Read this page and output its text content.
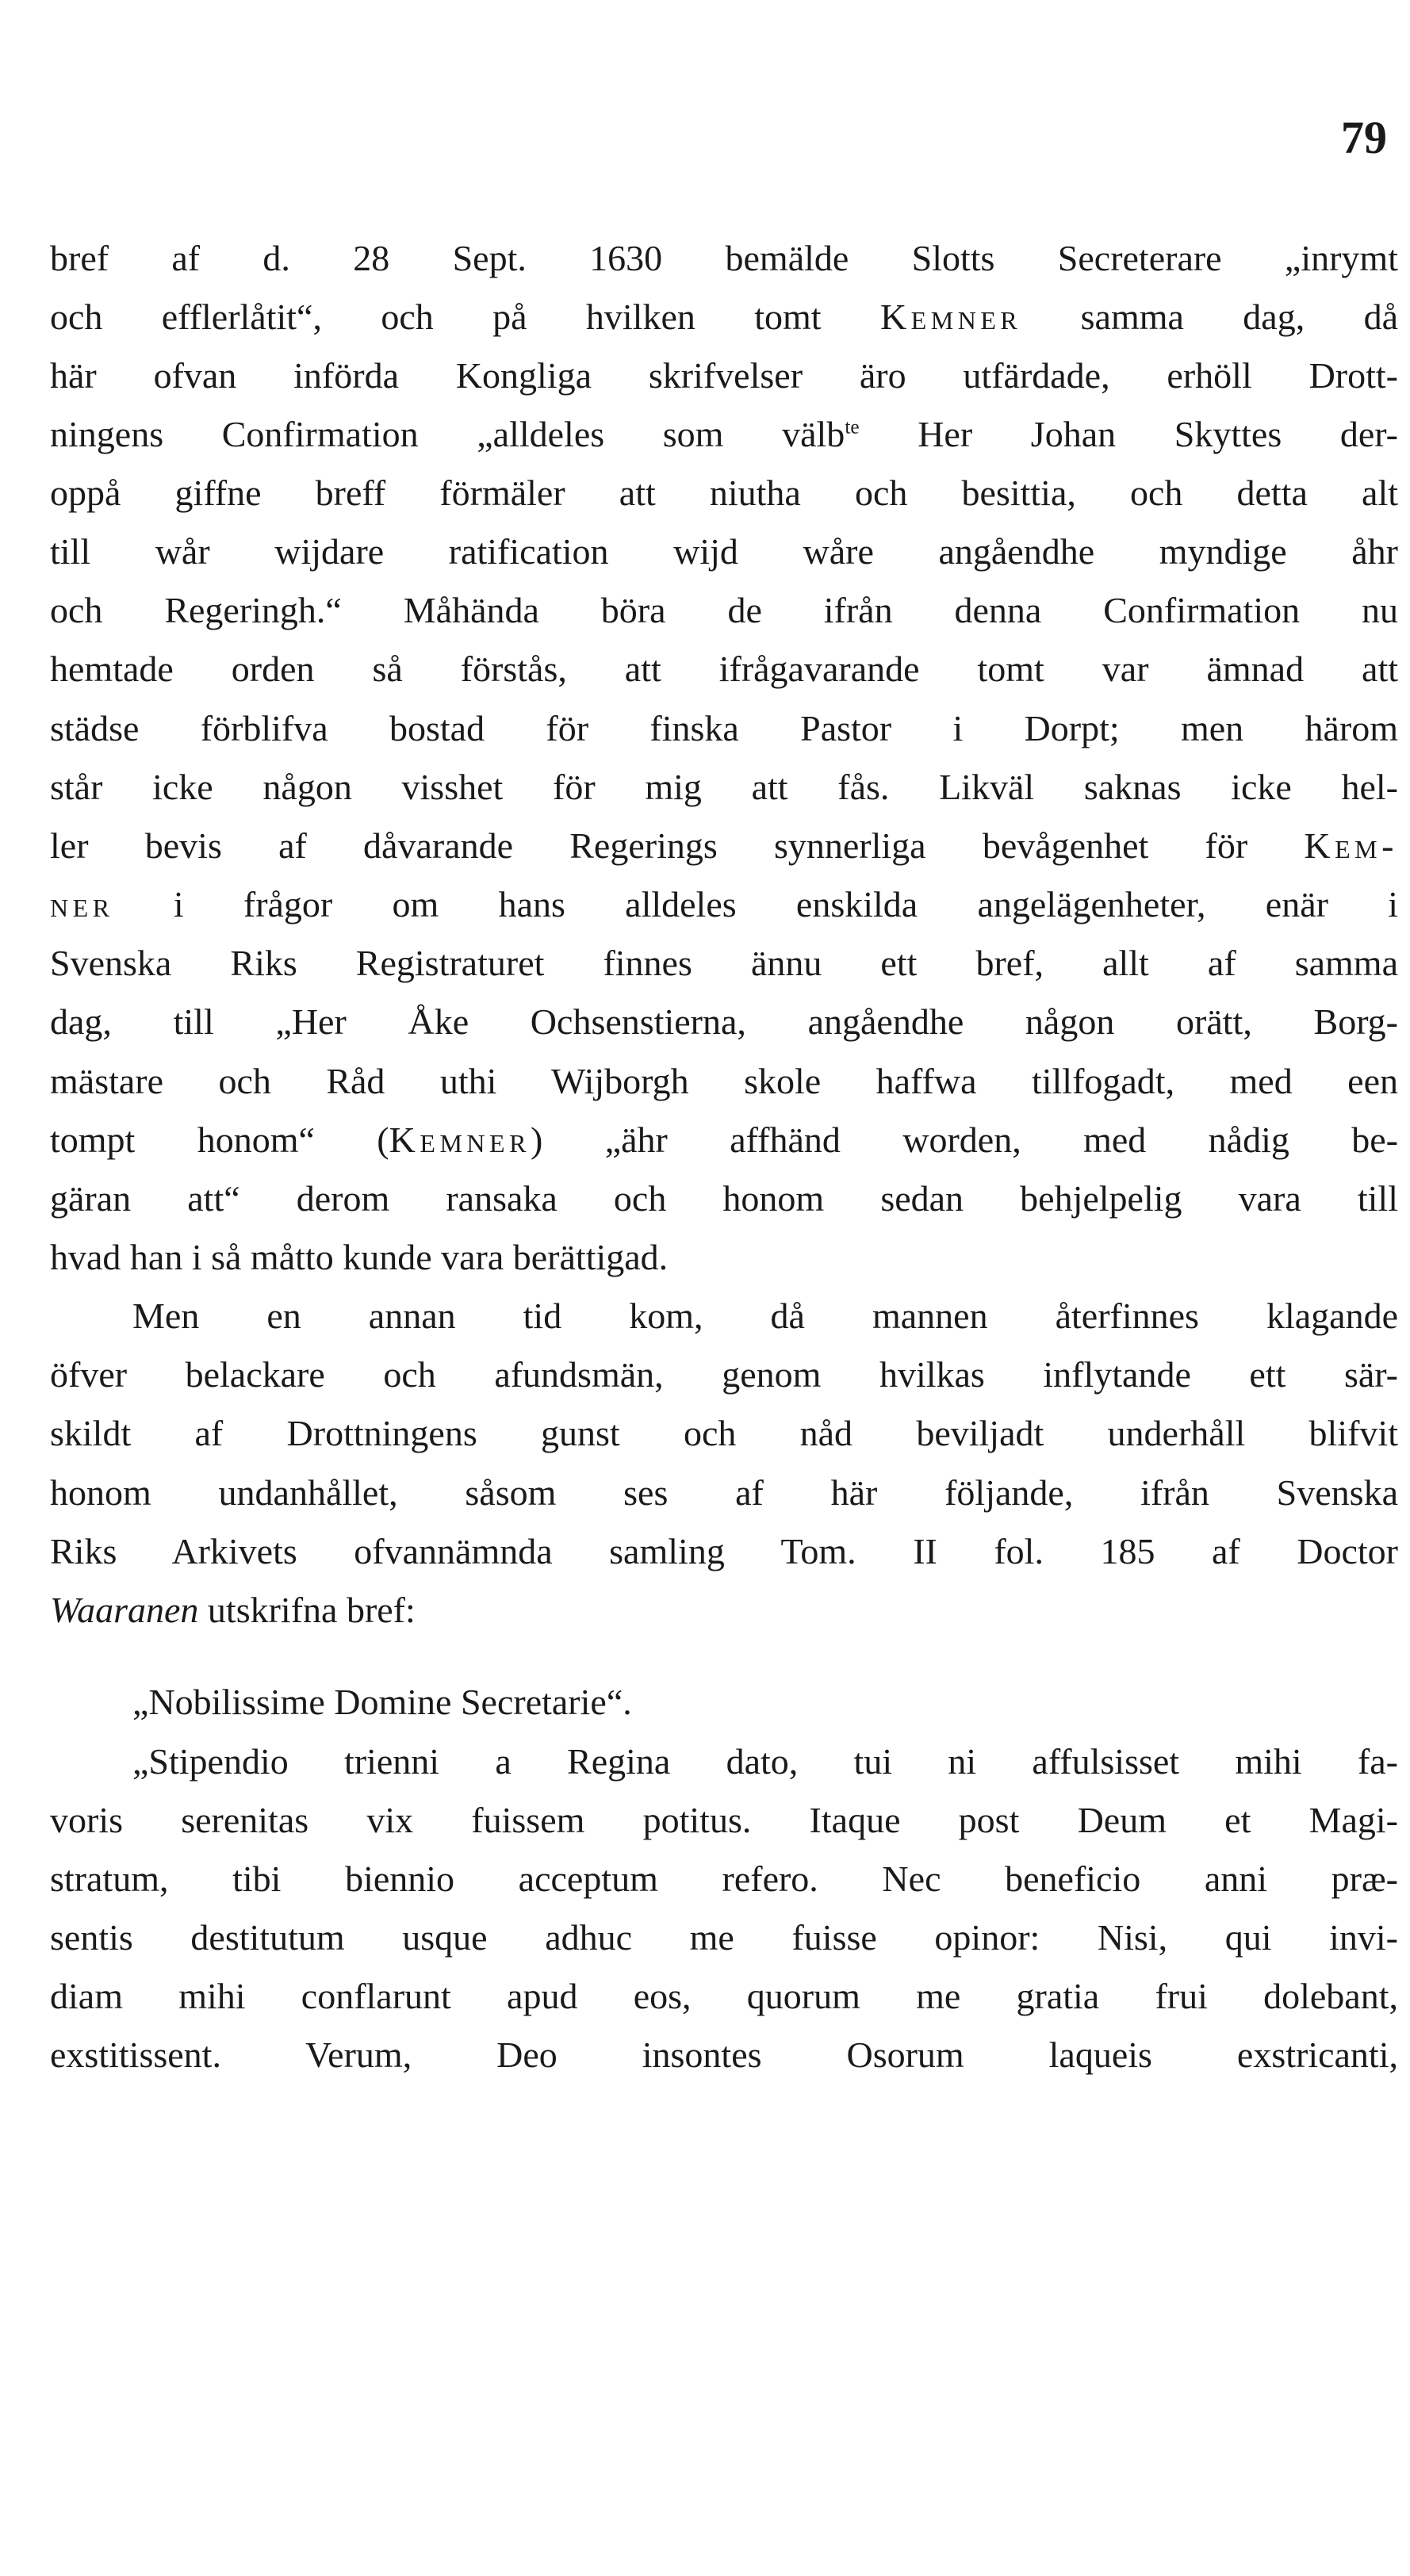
79
bref af d. 28 Sept. 1630 bemälde Slotts Secreterare „inrymt
och efflerlåtit“, och på hvilken tomt Kemner samma dag, då
här ofvan införda Kongliga skrifvelser äro utfärdade, erhöll Drott-
ningens Confirmation „alldeles som välb$^{te}$ Her Johan Skyttes der-
oppå giffne breff förmäler att niutha och besittia, och detta alt
till wår wijdare ratification wijd wåre angåendhe myndige åhr
och Regeringh.“ Måhända böra de ifrån denna Confirmation nu
hemtade orden så förstås, att ifrågavarande tomt var ämnad att
städse förblifva bostad för finska Pastor i Dorpt; men härom
står icke någon visshet för mig att fås. Likväl saknas icke hel-
ler bevis af dåvarande Regerings synnerliga bevågenhet för Kem-
ner i frågor om hans alldeles enskilda angelägenheter, enär i
Svenska Riks Registraturet finnes ännu ett bref, allt af samma
dag, till „Her Åke Ochsenstierna, angåendhe någon orätt, Borg-
mästare och Råd uthi Wijborgh skole haffwa tillfogadt, med een
tompt honom“ (Kemner) „ähr affhänd worden, med nådig be-
gäran att“ derom ransaka och honom sedan behjelpelig vara till
hvad han i så måtto kunde vara berättigad.
Men en annan tid kom, då mannen återfinnes klagande
öfver belackare och afundsmän, genom hvilkas inflytande ett sär-
skildt af Drottningens gunst och nåd beviljadt underhåll blifvit
honom undanhållet, såsom ses af här följande, ifrån Svenska
Riks Arkivets ofvannämnda samling Tom. II fol. 185 af Doctor
Waaranen utskrifna bref:
„Nobilissime Domine Secretarie“.
„Stipendio trienni a Regina dato, tui ni affulsisset mihi fa-
voris serenitas vix fuissem potitus. Itaque post Deum et Magi-
stratum, tibi biennio acceptum refero. Nec beneficio anni præ-
sentis destitutum usque adhuc me fuisse opinor: Nisi, qui invi-
diam mihi conflarunt apud eos, quorum me gratia frui dolebant,
exstitissent. Verum, Deo insontes Osorum laqueis exstricanti,
